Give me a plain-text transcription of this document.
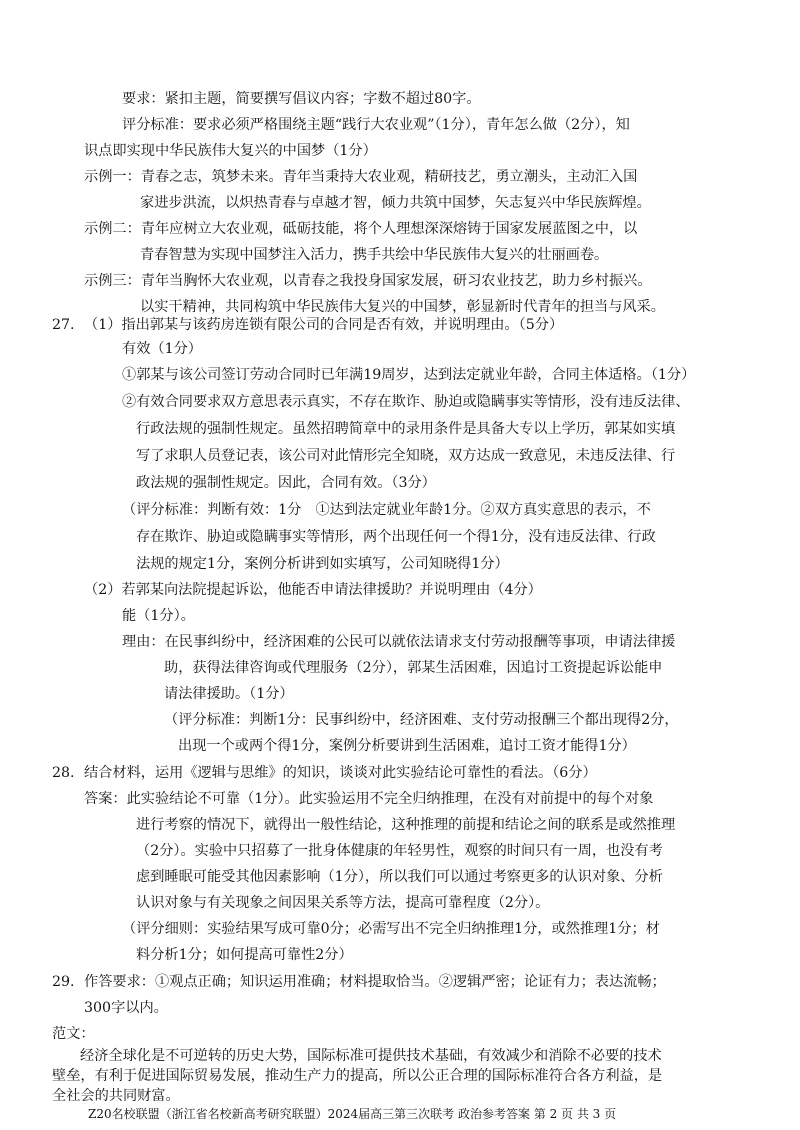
要求：紧扣主题，简要撰写倡议内容；字数不超过80字。
评分标准：要求必须严格围绕主题“践行大农业观”（1分），青年怎么做（2分），知
识点即实现中华民族伟大复兴的中国梦（1分）
示例一：青春之志，筑梦未来。青年当秉持大农业观，精研技艺，勇立潮头，主动汇入国
家进步洪流，以炽热青春与卓越才智，倾力共筑中国梦，矢志复兴中华民族辉煌。
示例二：青年应树立大农业观，砥砺技能，将个人理想深深熔铸于国家发展蓝图之中，以
青春智慧为实现中国梦注入活力，携手共绘中华民族伟大复兴的壮丽画卷。
示例三：青年当胸怀大农业观，以青春之我投身国家发展，研习农业技艺，助力乡村振兴。
以实干精神，共同构筑中华民族伟大复兴的中国梦，彰显新时代青年的担当与风采。
27. （1）指出郭某与该药房连锁有限公司的合同是否有效，并说明理由。（5分）
有效（1分）
①郭某与该公司签订劳动合同时已年满19周岁，达到法定就业年龄，合同主体适格。（1分）
②有效合同要求双方意思表示真实，不存在欺诈、胁迫或隐瞒事实等情形，没有违反法律、
行政法规的强制性规定。虽然招聘简章中的录用条件是具备大专以上学历，郭某如实填
写了求职人员登记表，该公司对此情形完全知晓，双方达成一致意见，未违反法律、行
政法规的强制性规定。因此，合同有效。（3分）
（评分标准：判断有效：1分　①达到法定就业年龄1分。②双方真实意思的表示，不
存在欺诈、胁迫或隐瞒事实等情形，两个出现任何一个得1分，没有违反法律、行政
法规的规定1分，案例分析讲到如实填写，公司知晓得1分）
（2）若郭某向法院提起诉讼，他能否申请法律援助？并说明理由（4分）
能（1分）。
理由：在民事纠纷中，经济困难的公民可以就依法请求支付劳动报酬等事项，申请法律援
助，获得法律咨询或代理服务（2分），郭某生活困难，因追讨工资提起诉讼能申
请法律援助。（1分）
（评分标准：判断1分：民事纠纷中，经济困难、支付劳动报酬三个都出现得2分，
出现一个或两个得1分，案例分析要讲到生活困难，追讨工资才能得1分）
28. 结合材料，运用《逻辑与思维》的知识，谈谈对此实验结论可靠性的看法。（6分）
答案：此实验结论不可靠（1分）。此实验运用不完全归纳推理，在没有对前提中的每个对象
进行考察的情况下，就得出一般性结论，这种推理的前提和结论之间的联系是或然推理
（2分）。实验中只招募了一批身体健康的年轻男性，观察的时间只有一周，也没有考
虑到睡眠可能受其他因素影响（1分），所以我们可以通过考察更多的认识对象、分析
认识对象与有关现象之间因果关系等方法，提高可靠程度（2分）。
（评分细则：实验结果写成可靠0分；必需写出不完全归纳推理1分，或然推理1分；材
料分析1分；如何提高可靠性2分）
29. 作答要求：①观点正确；知识运用准确；材料提取恰当。②逻辑严密；论证有力；表达流畅；
300字以内。
范文：
经济全球化是不可逆转的历史大势，国际标准可提供技术基础，有效减少和消除不必要的技术
壁垒，有利于促进国际贸易发展，推动生产力的提高，所以公正合理的国际标准符合各方利益，是
全社会的共同财富。
Z20名校联盟（浙江省名校新高考研究联盟）2024届高三第三次联考 政治参考答案 第 2 页 共 3 页
